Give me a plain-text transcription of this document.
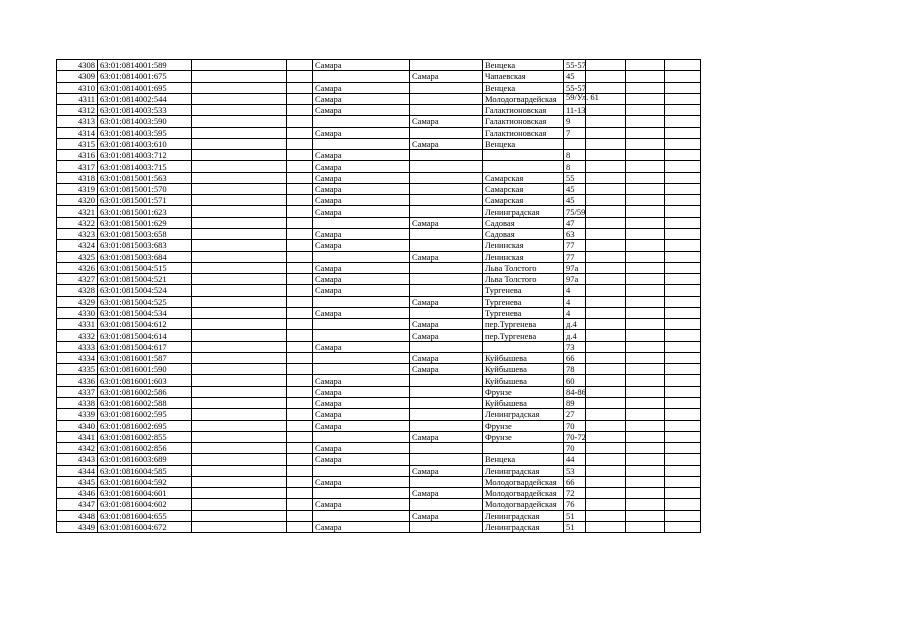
4308	63:01:0814001:589			Самара		Венцека	55-57			
4309	63:01:0814001:675				Самара	Чапаевская	45			
4310	63:01:0814001:695			Самара		Венцека	55-57			
4311	63:01:0814002:544			Самара		Молодогвардейская	59/Ул. 61			

4312	63:01:0814003:533			Самара		Галактионовская	11-13			
4313	63:01:0814003:590				Самара	Галактионовская	9			
4314	63:01:0814003:595			Самара		Галактионовская	7			
4315	63:01:0814003:610				Самара	Венцека				
4316	63:01:0814003:712			Самара			8			
4317	63:01:0814003:715			Самара			8			
4318	63:01:0815001:563			Самара		Самарская	55			
4319	63:01:0815001:570			Самара		Самарская	45			
4320	63:01:0815001:571			Самара		Самарская	45			
4321	63:01:0815001:623			Самара		Ленинградская	75/59			
4322	63:01:0815001:629				Самара	Садовая	47			
4323	63:01:0815003:658			Самара		Садовая	63			
4324	63:01:0815003:683			Самара		Ленинская	77			
4325	63:01:0815003:684				Самара	Ленинская	77			
4326	63:01:0815004:515			Самара		Льва Толстого	97а			
4327	63:01:0815004:521			Самара		Льва Толстого	97а			
4328	63:01:0815004:524			Самара		Тургенева	4			
4329	63:01:0815004:525				Самара	Тургенева	4			
4330	63:01:0815004:534			Самара		Тургенева	4			
4331	63:01:0815004:612				Самара	пер.Тургенева	д.4			
4332	63:01:0815004:614				Самара	пер.Тургенева	д.4			
4333	63:01:0815004:617			Самара			73			
4334	63:01:0816001:587				Самара	Куйбышева	66			
4335	63:01:0816001:590				Самара	Куйбышева	78			
4336	63:01:0816001:603			Самара		Куйбышева	60			
4337	63:01:0816002:586			Самара		Фрунзе	84-86			
4338	63:01:0816002:588			Самара		Куйбышева	89			
4339	63:01:0816002:595			Самара		Ленинградская	27			
4340	63:01:0816002:695			Самара		Фрунзе	70			
4341	63:01:0816002:855				Самара	Фрунзе	70-72			
4342	63:01:0816002:856			Самара			70			
4343	63:01:0816003:689			Самара		Венцека	44			
4344	63:01:0816004:585				Самара	Ленинградская	53			
4345	63:01:0816004:592			Самара		Молодогвардейская	66			
4346	63:01:0816004:601				Самара	Молодогвардейская	72			
4347	63:01:0816004:602			Самара		Молодогвардейская	76			
4348	63:01:0816004:655				Самара	Ленинградская	51			
4349	63:01:0816004:672			Самара		Ленинградская	51			
